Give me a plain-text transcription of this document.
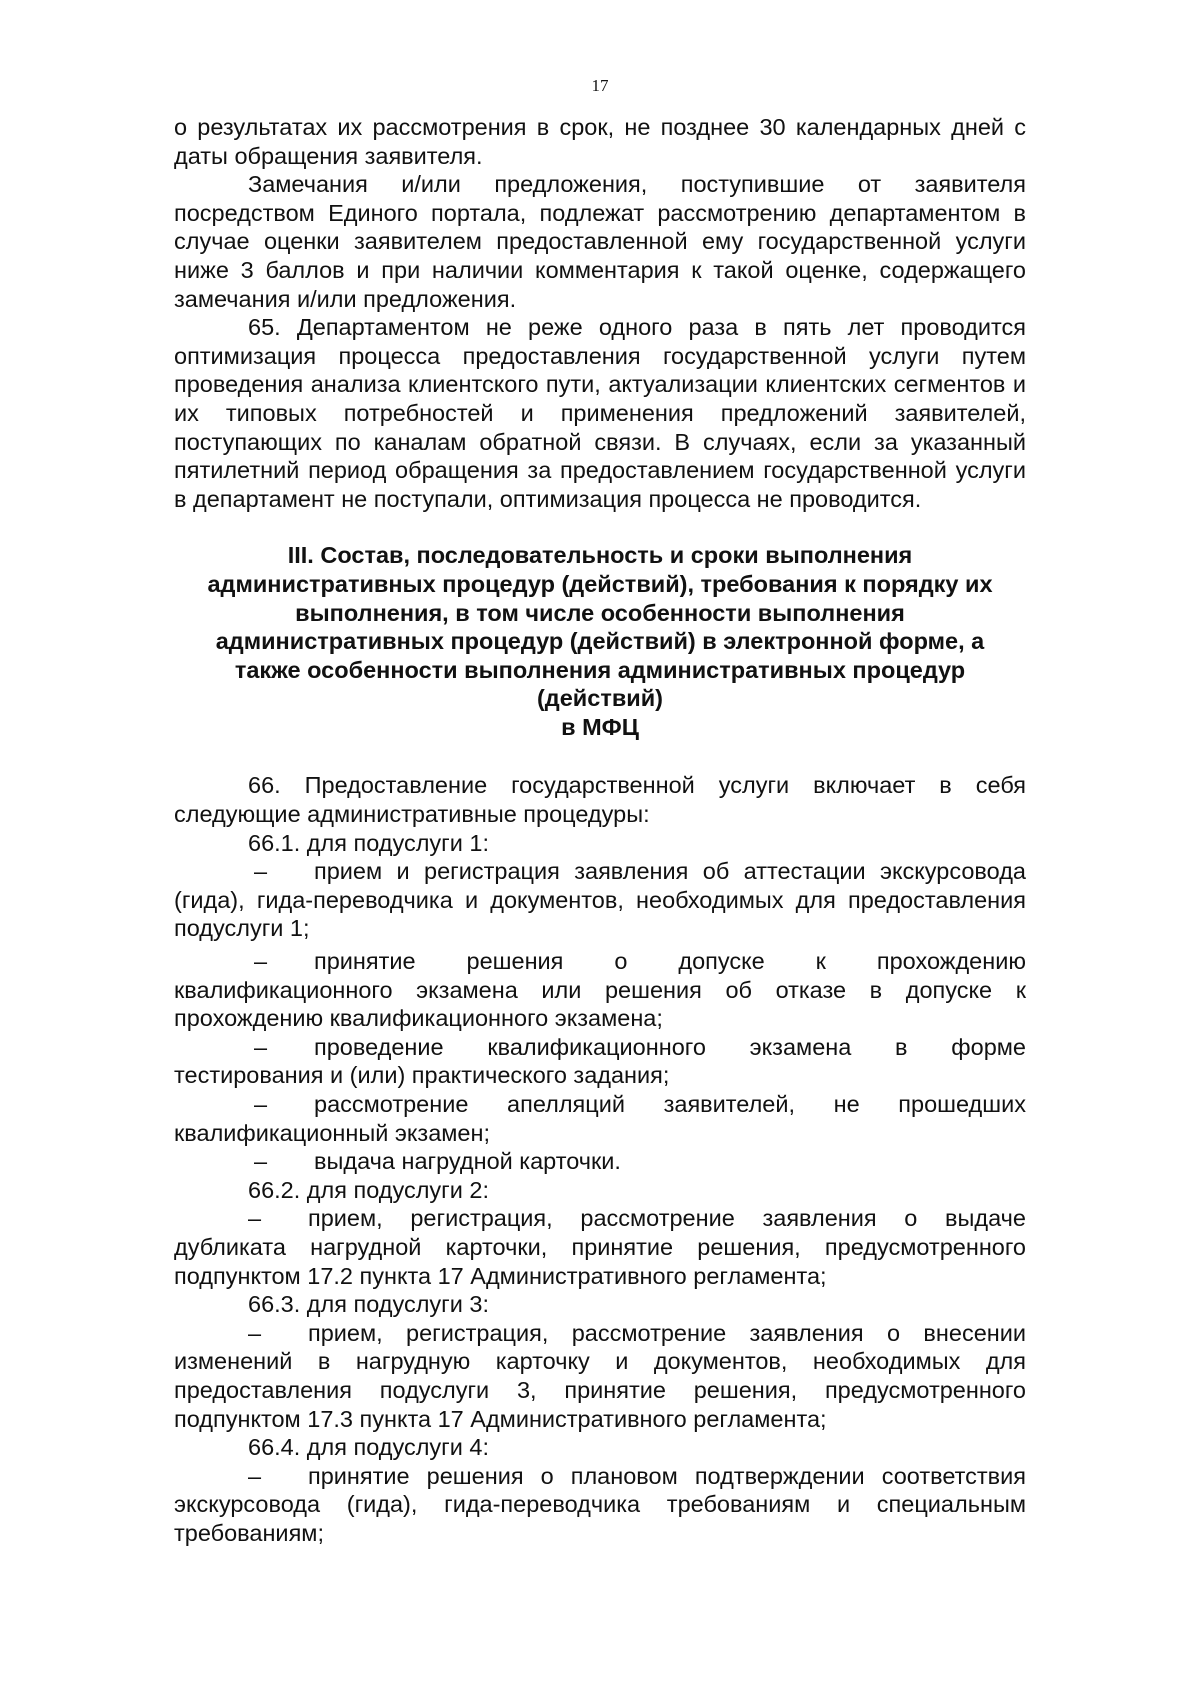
17

о результатах их рассмотрения в срок, не позднее 30 календарных дней с даты обращения заявителя.

Замечания и/или предложения, поступившие от заявителя посредством Единого портала, подлежат рассмотрению департаментом в случае оценки заявителем предоставленной ему государственной услуги ниже 3 баллов и при наличии комментария к такой оценке, содержащего замечания и/или предложения.

65. Департаментом не реже одного раза в пять лет проводится оптимизация процесса предоставления государственной услуги путем проведения анализа клиентского пути, актуализации клиентских сегментов и их типовых потребностей и применения предложений заявителей, поступающих по каналам обратной связи. В случаях, если за указанный пятилетний период обращения за предоставлением государственной услуги в департамент не поступали, оптимизация процесса не проводится.

III. Состав, последовательность и сроки выполнения
административных процедур (действий), требования к порядку их
выполнения, в том числе особенности выполнения
административных процедур (действий) в электронной форме, а
также особенности выполнения административных процедур (действий)
в МФЦ

66. Предоставление государственной услуги включает в себя следующие административные процедуры:

66.1. для подуслуги 1:

– прием и регистрация заявления об аттестации экскурсовода (гида), гида-переводчика и документов, необходимых для предоставления подуслуги 1;

– принятие решения о допуске к прохождению квалификационного экзамена или решения об отказе в допуске к прохождению квалификационного экзамена;

– проведение квалификационного экзамена в форме тестирования и (или) практического задания;

– рассмотрение апелляций заявителей, не прошедших квалификационный экзамен;

– выдача нагрудной карточки.

66.2. для подуслуги 2:

– прием, регистрация, рассмотрение заявления о выдаче дубликата нагрудной карточки, принятие решения, предусмотренного подпунктом 17.2 пункта 17 Административного регламента;

66.3. для подуслуги 3:

– прием, регистрация, рассмотрение заявления о внесении изменений в нагрудную карточку и документов, необходимых для предоставления подуслуги 3, принятие решения, предусмотренного подпунктом 17.3 пункта 17 Административного регламента;

66.4. для подуслуги 4:

– принятие решения о плановом подтверждении соответствия экскурсовода (гида), гида-переводчика требованиям и специальным требованиям;
